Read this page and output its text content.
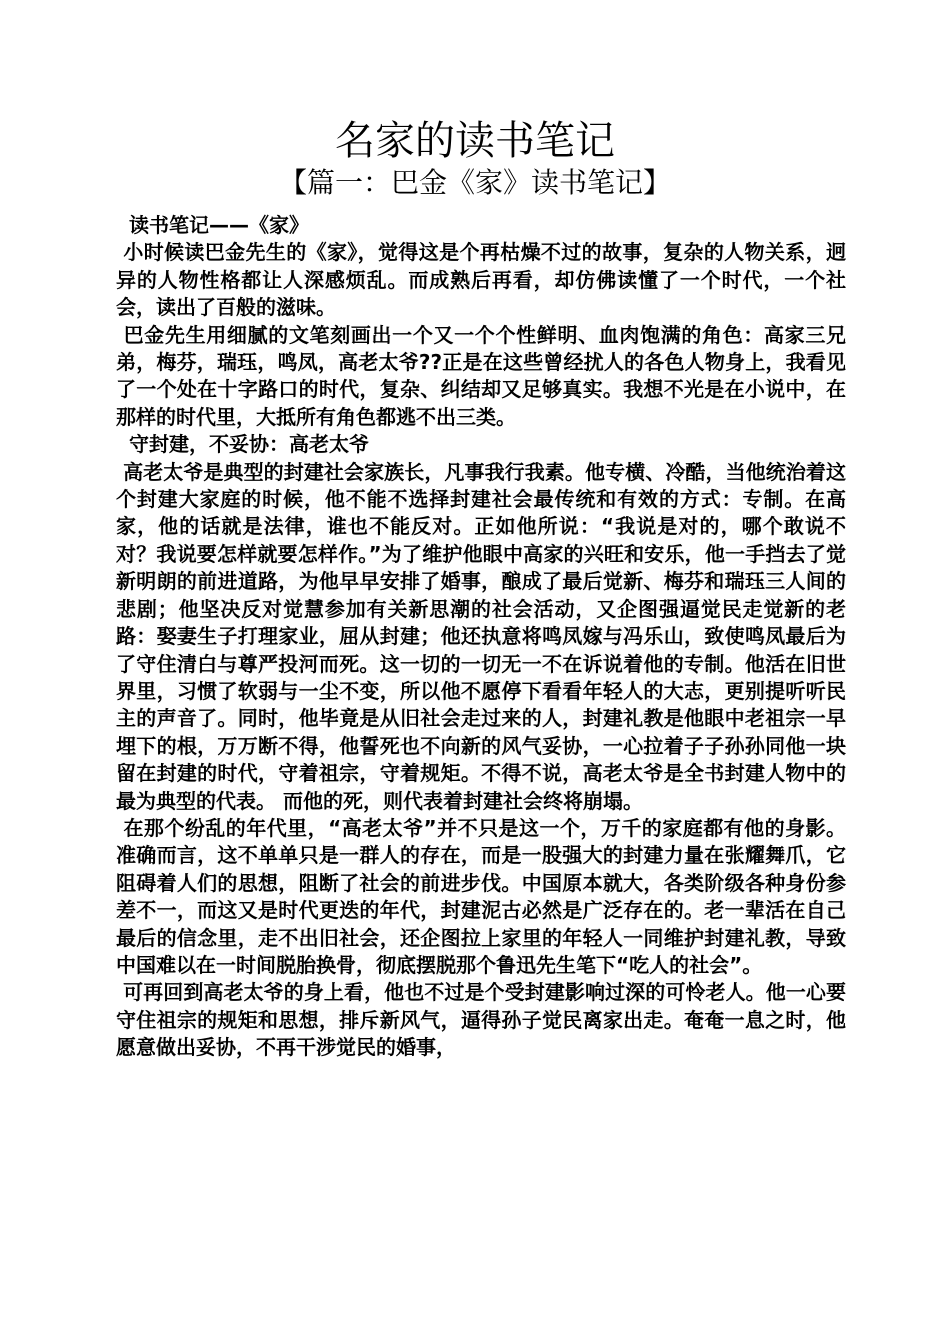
名家的读书笔记
【篇一：巴金《家》读书笔记】

读书笔记——《家》

小时候读巴金先生的《家》，觉得这是个再枯燥不过的故事，复杂的人物关系，迥异的人物性格都让人深感烦乱。而成熟后再看，却仿佛读懂了一个时代，一个社会，读出了百般的滋味。

巴金先生用细腻的文笔刻画出一个又一个个性鲜明、血肉饱满的角色：高家三兄弟，梅芬，瑞珏，鸣凤，高老太爷??正是在这些曾经扰人的各色人物身上，我看见了一个处在十字路口的时代，复杂、纠结却又足够真实。我想不光是在小说中，在那样的时代里，大抵所有角色都逃不出三类。

守封建，不妥协：高老太爷

高老太爷是典型的封建社会家族长，凡事我行我素。他专横、冷酷，当他统治着这个封建大家庭的时候，他不能不选择封建社会最传统和有效的方式：专制。在高家，他的话就是法律，谁也不能反对。正如他所说：“我说是对的，哪个敢说不对？我说要怎样就要怎样作。”为了维护他眼中高家的兴旺和安乐，他一手挡去了觉新明朗的前进道路，为他早早安排了婚事，酿成了最后觉新、梅芬和瑞珏三人间的悲剧；他坚决反对觉慧参加有关新思潮的社会活动，又企图强逼觉民走觉新的老路：娶妻生子打理家业，屈从封建；他还执意将鸣凤嫁与冯乐山，致使鸣凤最后为了守住清白与尊严投河而死。这一切的一切无一不在诉说着他的专制。他活在旧世界里，习惯了软弱与一尘不变，所以他不愿停下看看年轻人的大志，更别提听听民主的声音了。同时，他毕竟是从旧社会走过来的人，封建礼教是他眼中老祖宗一早埋下的根，万万断不得，他誓死也不向新的风气妥协，一心拉着子子孙孙同他一块留在封建的时代，守着祖宗，守着规矩。不得不说，高老太爷是全书封建人物中的最为典型的代表。 而他的死，则代表着封建社会终将崩塌。

在那个纷乱的年代里，“高老太爷”并不只是这一个，万千的家庭都有他的身影。准确而言，这不单单只是一群人的存在，而是一股强大的封建力量在张耀舞爪，它阻碍着人们的思想，阻断了社会的前进步伐。中国原本就大，各类阶级各种身份参差不一，而这又是时代更迭的年代，封建泥古必然是广泛存在的。老一辈活在自己最后的信念里，走不出旧社会，还企图拉上家里的年轻人一同维护封建礼教，导致中国难以在一时间脱胎换骨，彻底摆脱那个鲁迅先生笔下“吃人的社会”。

可再回到高老太爷的身上看，他也不过是个受封建影响过深的可怜老人。他一心要守住祖宗的规矩和思想，排斥新风气，逼得孙子觉民离家出走。奄奄一息之时，他愿意做出妥协，不再干涉觉民的婚事，
